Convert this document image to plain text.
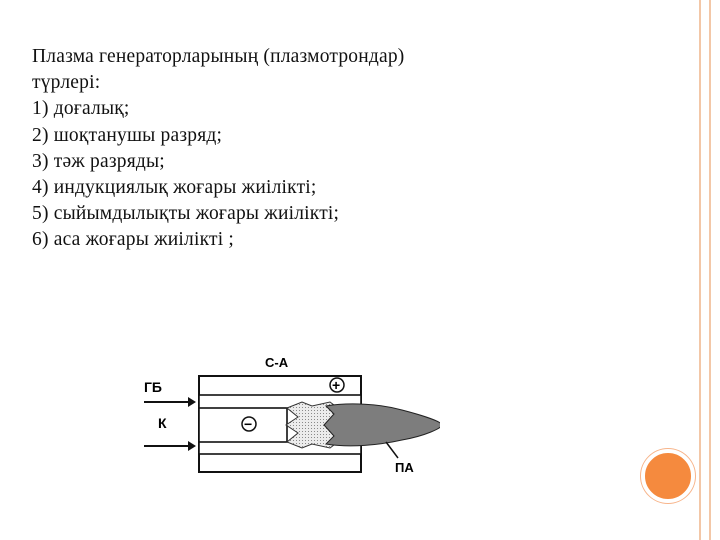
Плазма генераторларының (плазмотрондар)
түрлері:
1) доғалық;
2) шоқтанушы разряд;
3) тәж разряды;
4) индукциялық жоғары жиілікті;
5) сыйымдылықты жоғары жиілікті;
6) аса жоғары жиілікті ;
С-А
+
−
ГБ
К
ПА
